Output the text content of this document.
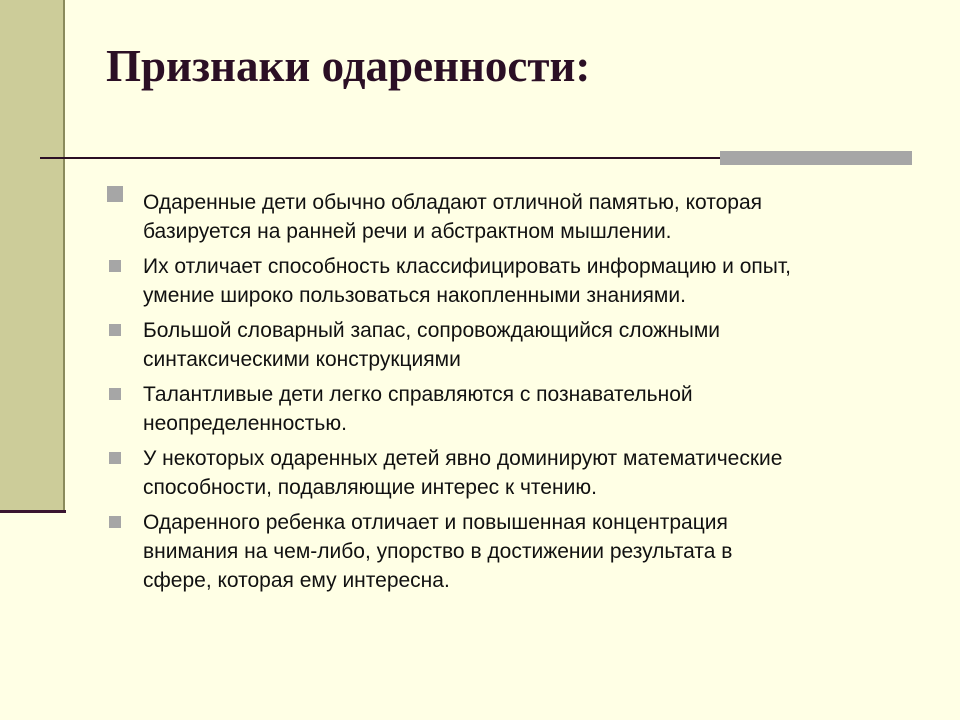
Признаки одаренности:
Одаренные дети обычно обладают отличной памятью, которая
базируется на ранней речи и абстрактном мышлении.
Их отличает способность классифицировать информацию и опыт,
умение широко пользоваться накопленными знаниями.
Большой словарный запас, сопровождающийся сложными
синтаксическими конструкциями
Талантливые дети легко справляются с познавательной
неопределенностью.
У некоторых одаренных детей явно доминируют математические
способности, подавляющие интерес к чтению.
Одаренного ребенка отличает и повышенная концентрация
внимания на чем-либо, упорство в достижении результата в
сфере, которая ему интересна.
